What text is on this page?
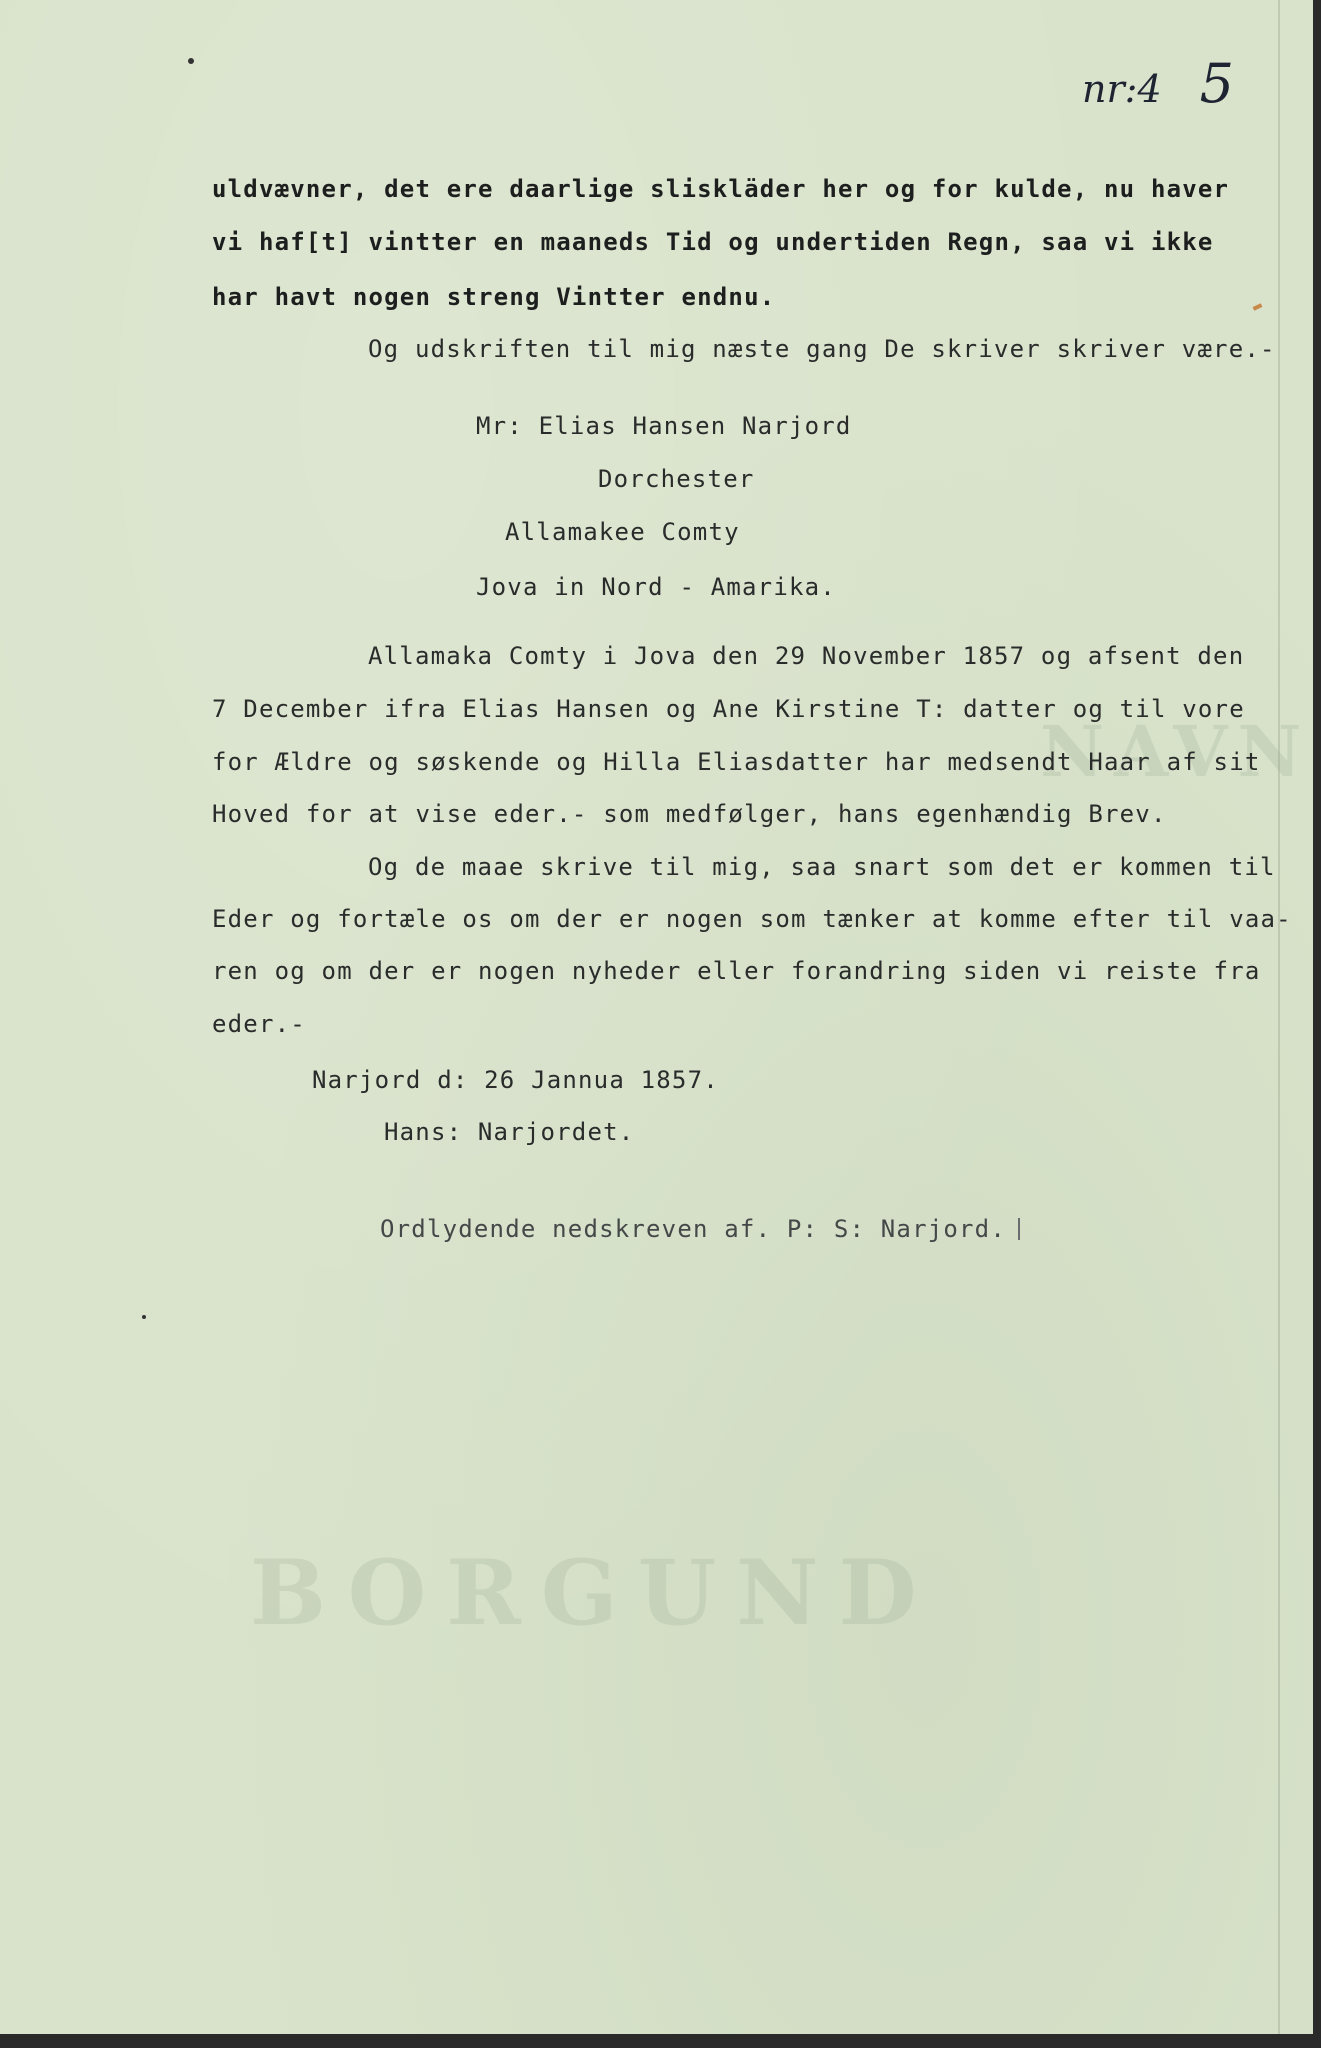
NAVN
BORGUND
nr:4 5
uldvævner, det ere daarlige sliskläder her og for kulde, nu haver
vi haf[t] vintter en maaneds Tid og undertiden Regn, saa vi ikke
har havt nogen streng Vintter endnu.
Og udskriften til mig næste gang De skriver skriver være.-
Mr: Elias Hansen Narjord
Dorchester
Allamakee Comty
Jova in Nord - Amarika.
Allamaka Comty i Jova den 29 November 1857 og afsent den
7 December ifra Elias Hansen og Ane Kirstine T: datter og til vore
for Ældre og søskende og Hilla Eliasdatter har medsendt Haar af sit
Hoved for at vise eder.- som medfølger, hans egenhændig Brev.
Og de maae skrive til mig, saa snart som det er kommen til
Eder og fortæle os om der er nogen som tænker at komme efter til vaa-
ren og om der er nogen nyheder eller forandring siden vi reiste fra
eder.-
Narjord d: 26 Jannua 1857.
Hans: Narjordet.
Ordlydende nedskreven af. P: S: Narjord.
